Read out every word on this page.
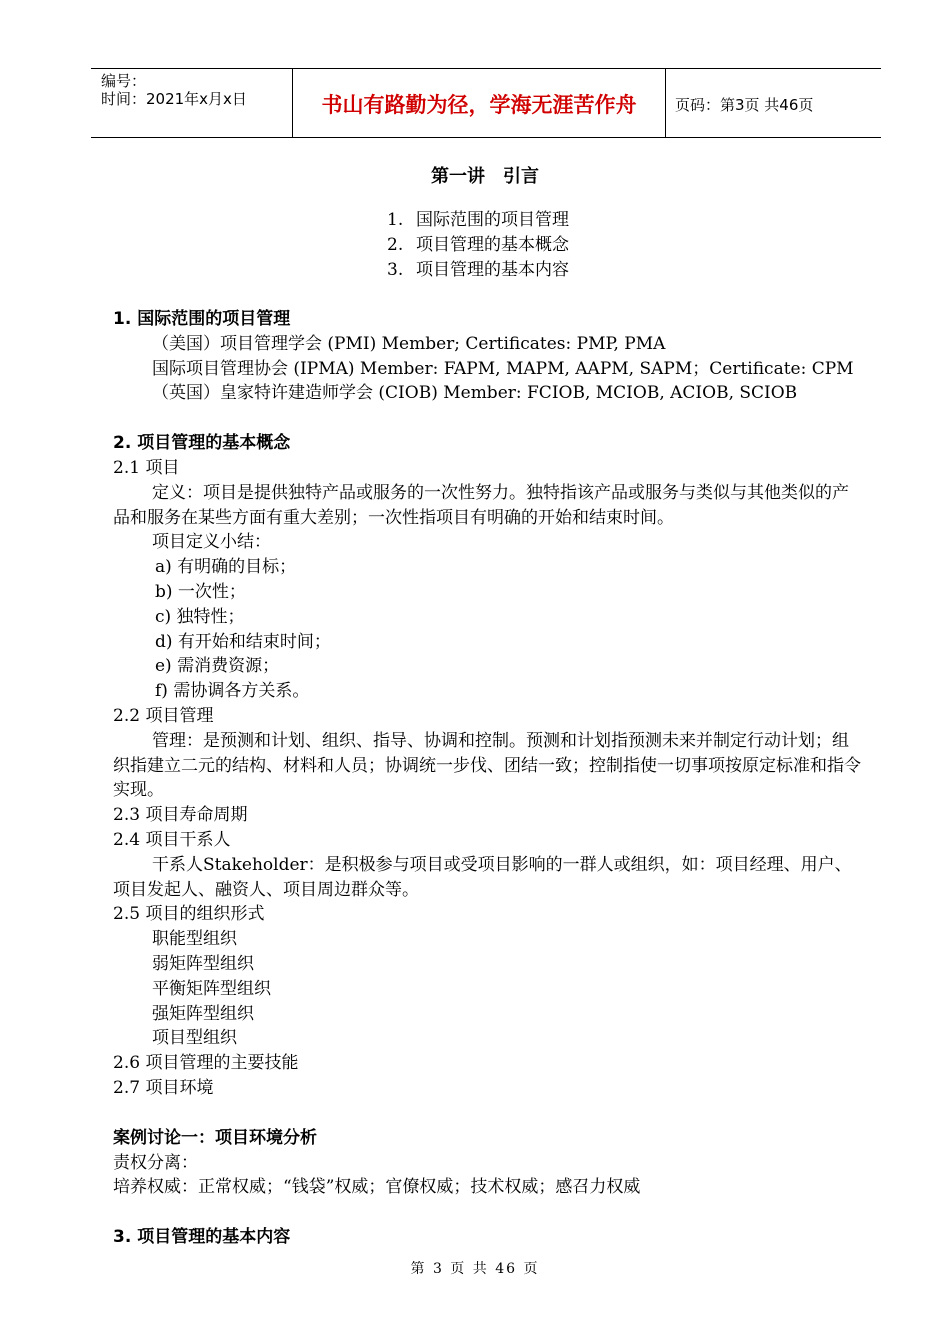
编号：
时间：2021年x月x日	书山有路勤为径，学海无涯苦作舟	页码：第3页 共46页
第一讲　引言
1. 国际范围的项目管理
2. 项目管理的基本概念
3. 项目管理的基本内容
1. 国际范围的项目管理
（美国）项目管理学会 (PMI) Member; Certificates: PMP, PMA
国际项目管理协会 (IPMA) Member: FAPM, MAPM, AAPM, SAPM；Certificate: CPM
（英国）皇家特许建造师学会 (CIOB) Member: FCIOB, MCIOB, ACIOB, SCIOB
2. 项目管理的基本概念
2.1 项目
定义：项目是提供独特产品或服务的一次性努力。独特指该产品或服务与类似与其他类似的产品和服务在某些方面有重大差别；一次性指项目有明确的开始和结束时间。
项目定义小结：
a) 有明确的目标；
b) 一次性；
c) 独特性；
d) 有开始和结束时间；
e) 需消费资源；
f) 需协调各方关系。
2.2 项目管理
管理：是预测和计划、组织、指导、协调和控制。预测和计划指预测未来并制定行动计划；组织指建立二元的结构、材料和人员；协调统一步伐、团结一致；控制指使一切事项按原定标准和指令实现。
2.3 项目寿命周期
2.4 项目干系人
干系人Stakeholder：是积极参与项目或受项目影响的一群人或组织，如：项目经理、用户、项目发起人、融资人、项目周边群众等。
2.5 项目的组织形式
职能型组织
弱矩阵型组织
平衡矩阵型组织
强矩阵型组织
项目型组织
2.6 项目管理的主要技能
2.7 项目环境
案例讨论一：项目环境分析
责权分离：
培养权威：正常权威；“钱袋”权威；官僚权威；技术权威；感召力权威
3. 项目管理的基本内容
第 3 页 共 46 页
